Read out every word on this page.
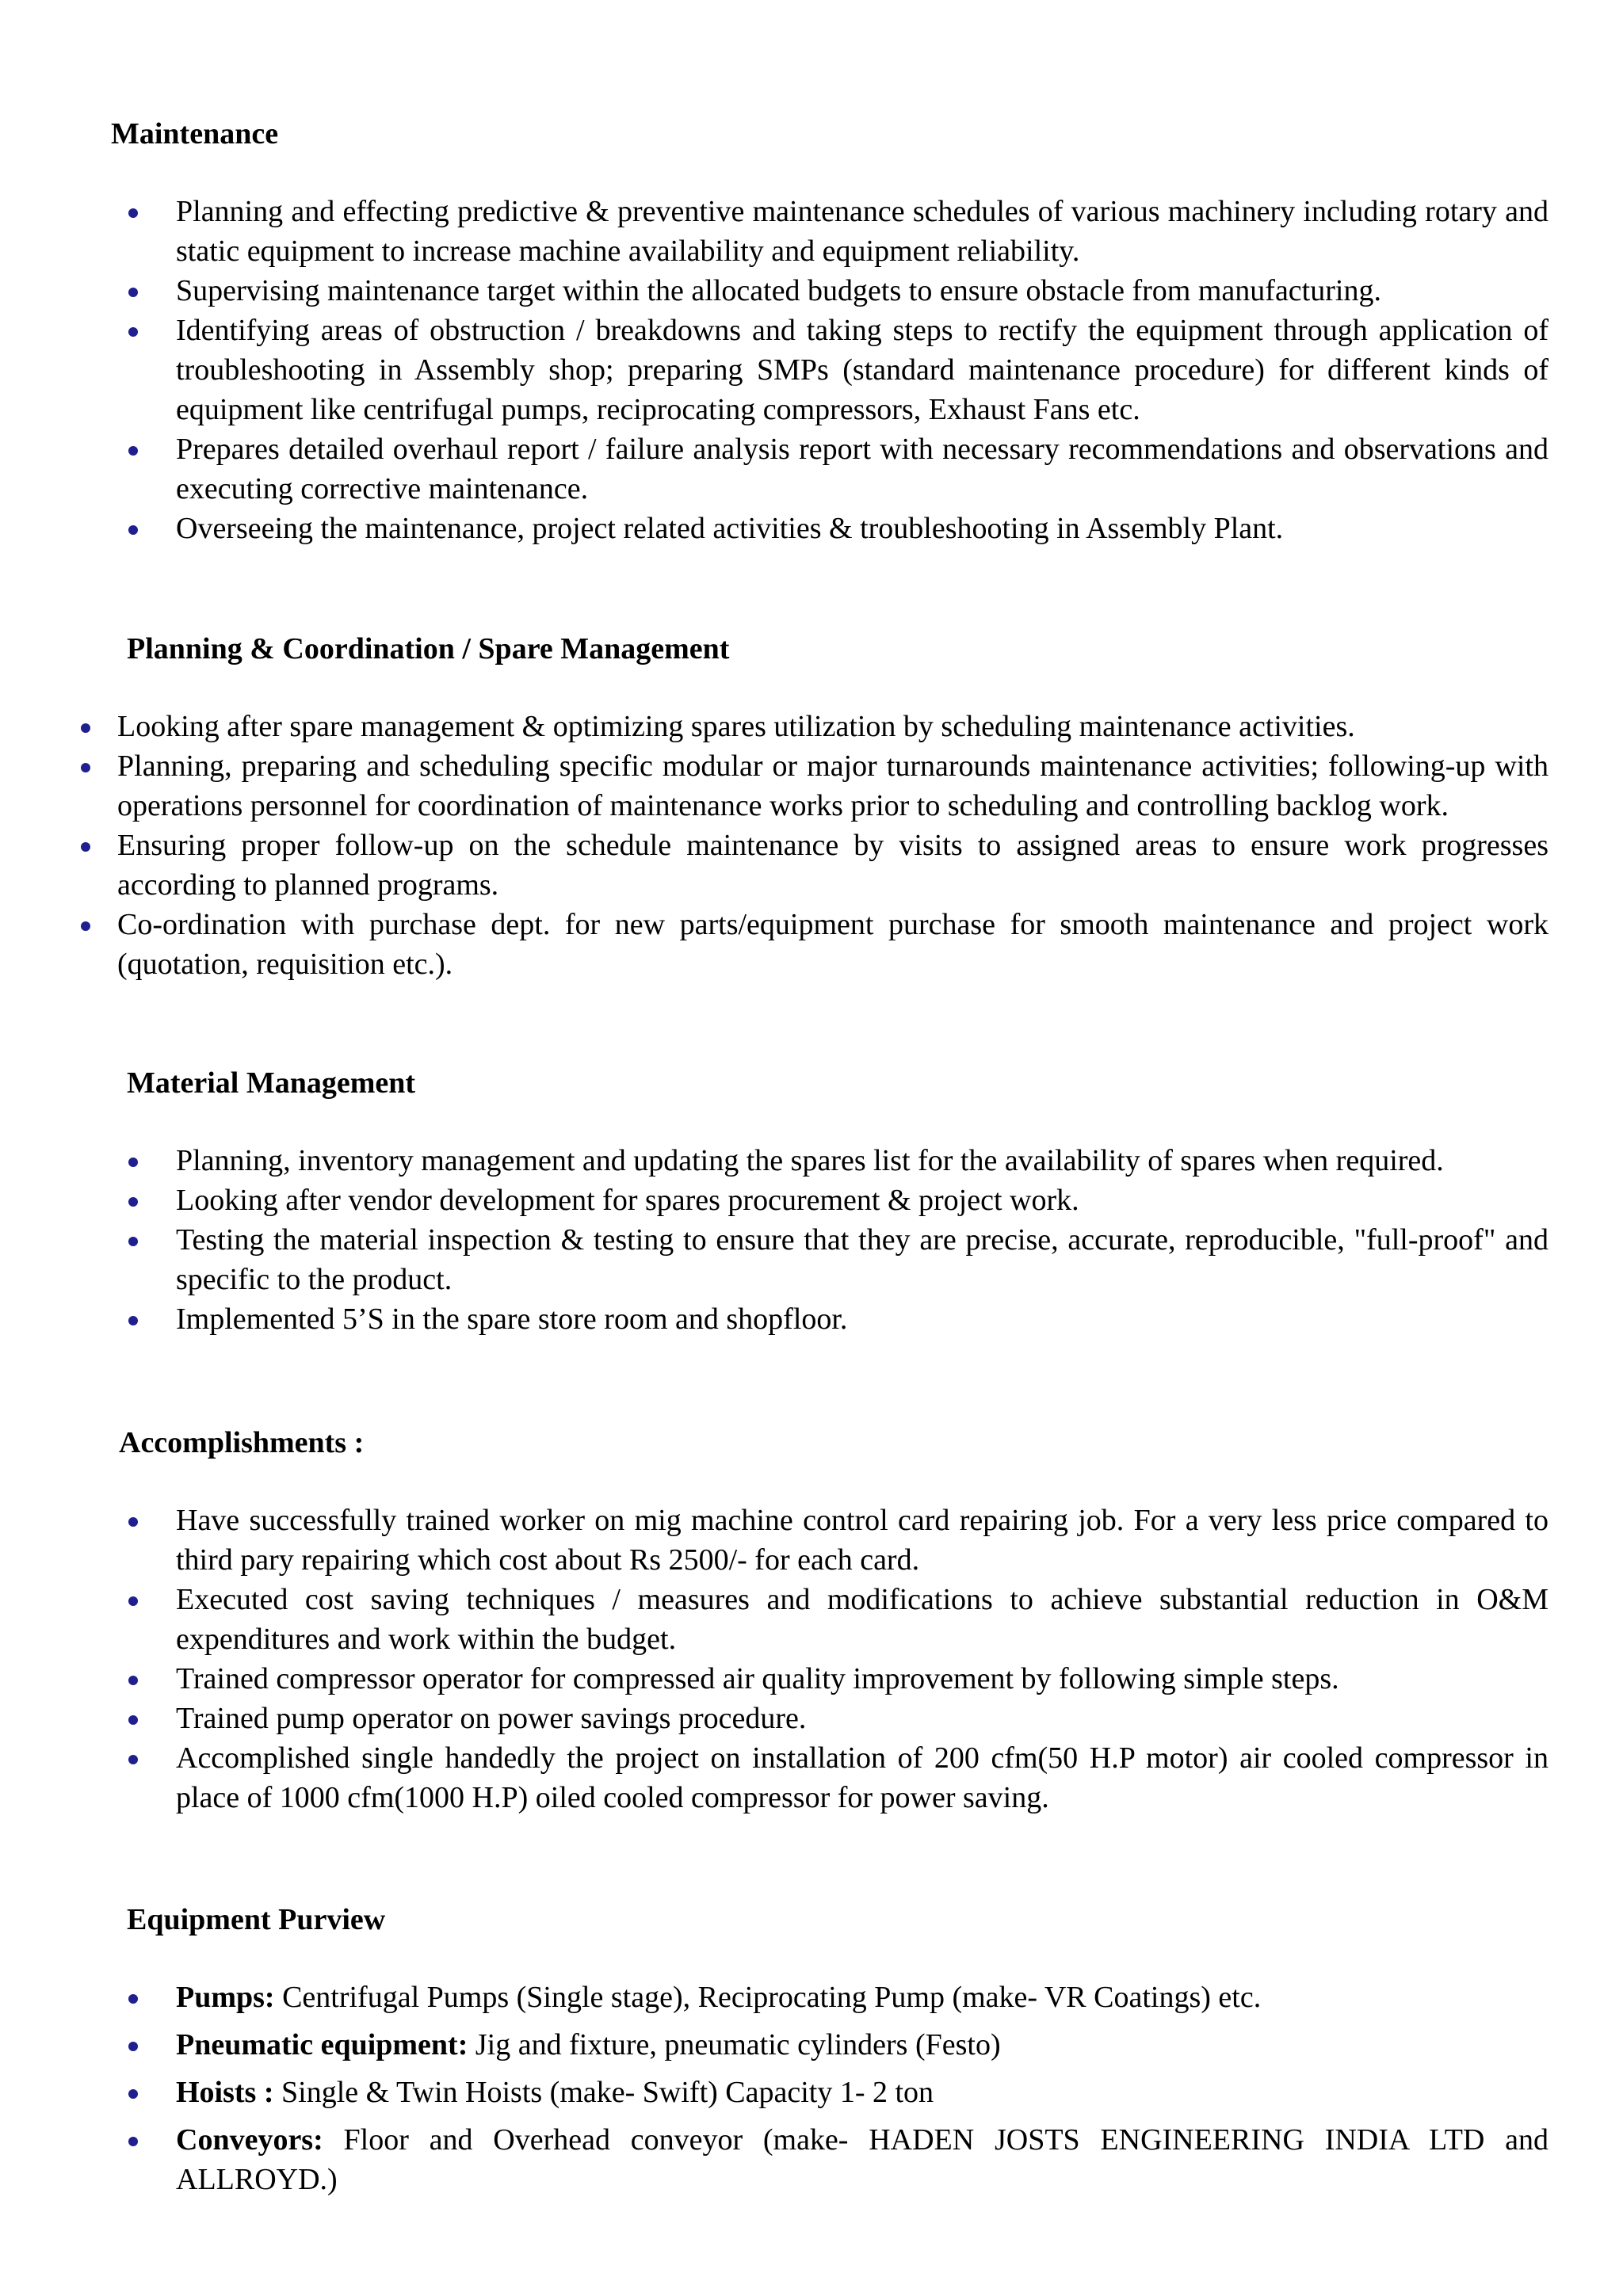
Maintenance
Planning and effecting predictive & preventive maintenance schedules of various machinery including rotary and static equipment to increase machine availability and equipment reliability.
Supervising maintenance target within the allocated budgets to ensure obstacle from manufacturing.
Identifying areas of obstruction / breakdowns and taking steps to rectify the equipment through application of troubleshooting in Assembly shop; preparing SMPs (standard maintenance procedure) for different kinds of equipment like centrifugal pumps, reciprocating compressors, Exhaust Fans etc.
Prepares detailed overhaul report / failure analysis report with necessary recommendations and observations and executing corrective maintenance.
Overseeing the maintenance, project related activities & troubleshooting in Assembly Plant.
Planning & Coordination / Spare Management
Looking after spare management & optimizing spares utilization by scheduling maintenance activities.
Planning, preparing and scheduling specific modular or major turnarounds maintenance activities; following-up with operations personnel for coordination of maintenance works prior to scheduling and controlling backlog work.
Ensuring proper follow-up on the schedule maintenance by visits to assigned areas to ensure work progresses according to planned programs.
Co-ordination with purchase dept. for new parts/equipment purchase for smooth maintenance and project work (quotation, requisition etc.).
Material Management
Planning, inventory management and updating the spares list for the availability of spares when required.
Looking after vendor development for spares procurement & project work.
Testing the material inspection & testing to ensure that they are precise, accurate, reproducible, "full-proof" and specific to the product.
Implemented 5’S in the spare store room and shopfloor.
Accomplishments :
Have successfully trained worker on mig machine control card repairing job. For a very less price compared to third pary repairing which cost about Rs 2500/- for each card.
Executed cost saving techniques / measures and modifications to achieve substantial reduction in O&M expenditures and work within the budget.
Trained compressor operator for compressed air quality improvement by following simple steps.
Trained pump operator on power savings procedure.
Accomplished single handedly the project on installation of 200 cfm(50 H.P motor) air cooled compressor in place of 1000 cfm(1000 H.P) oiled cooled compressor for power saving.
Equipment Purview
Pumps: Centrifugal Pumps (Single stage), Reciprocating Pump (make- VR Coatings) etc.
Pneumatic equipment: Jig and fixture, pneumatic cylinders (Festo)
Hoists : Single & Twin Hoists (make- Swift) Capacity 1- 2 ton
Conveyors: Floor and Overhead conveyor (make- HADEN JOSTS ENGINEERING INDIA LTD and ALLROYD.)
